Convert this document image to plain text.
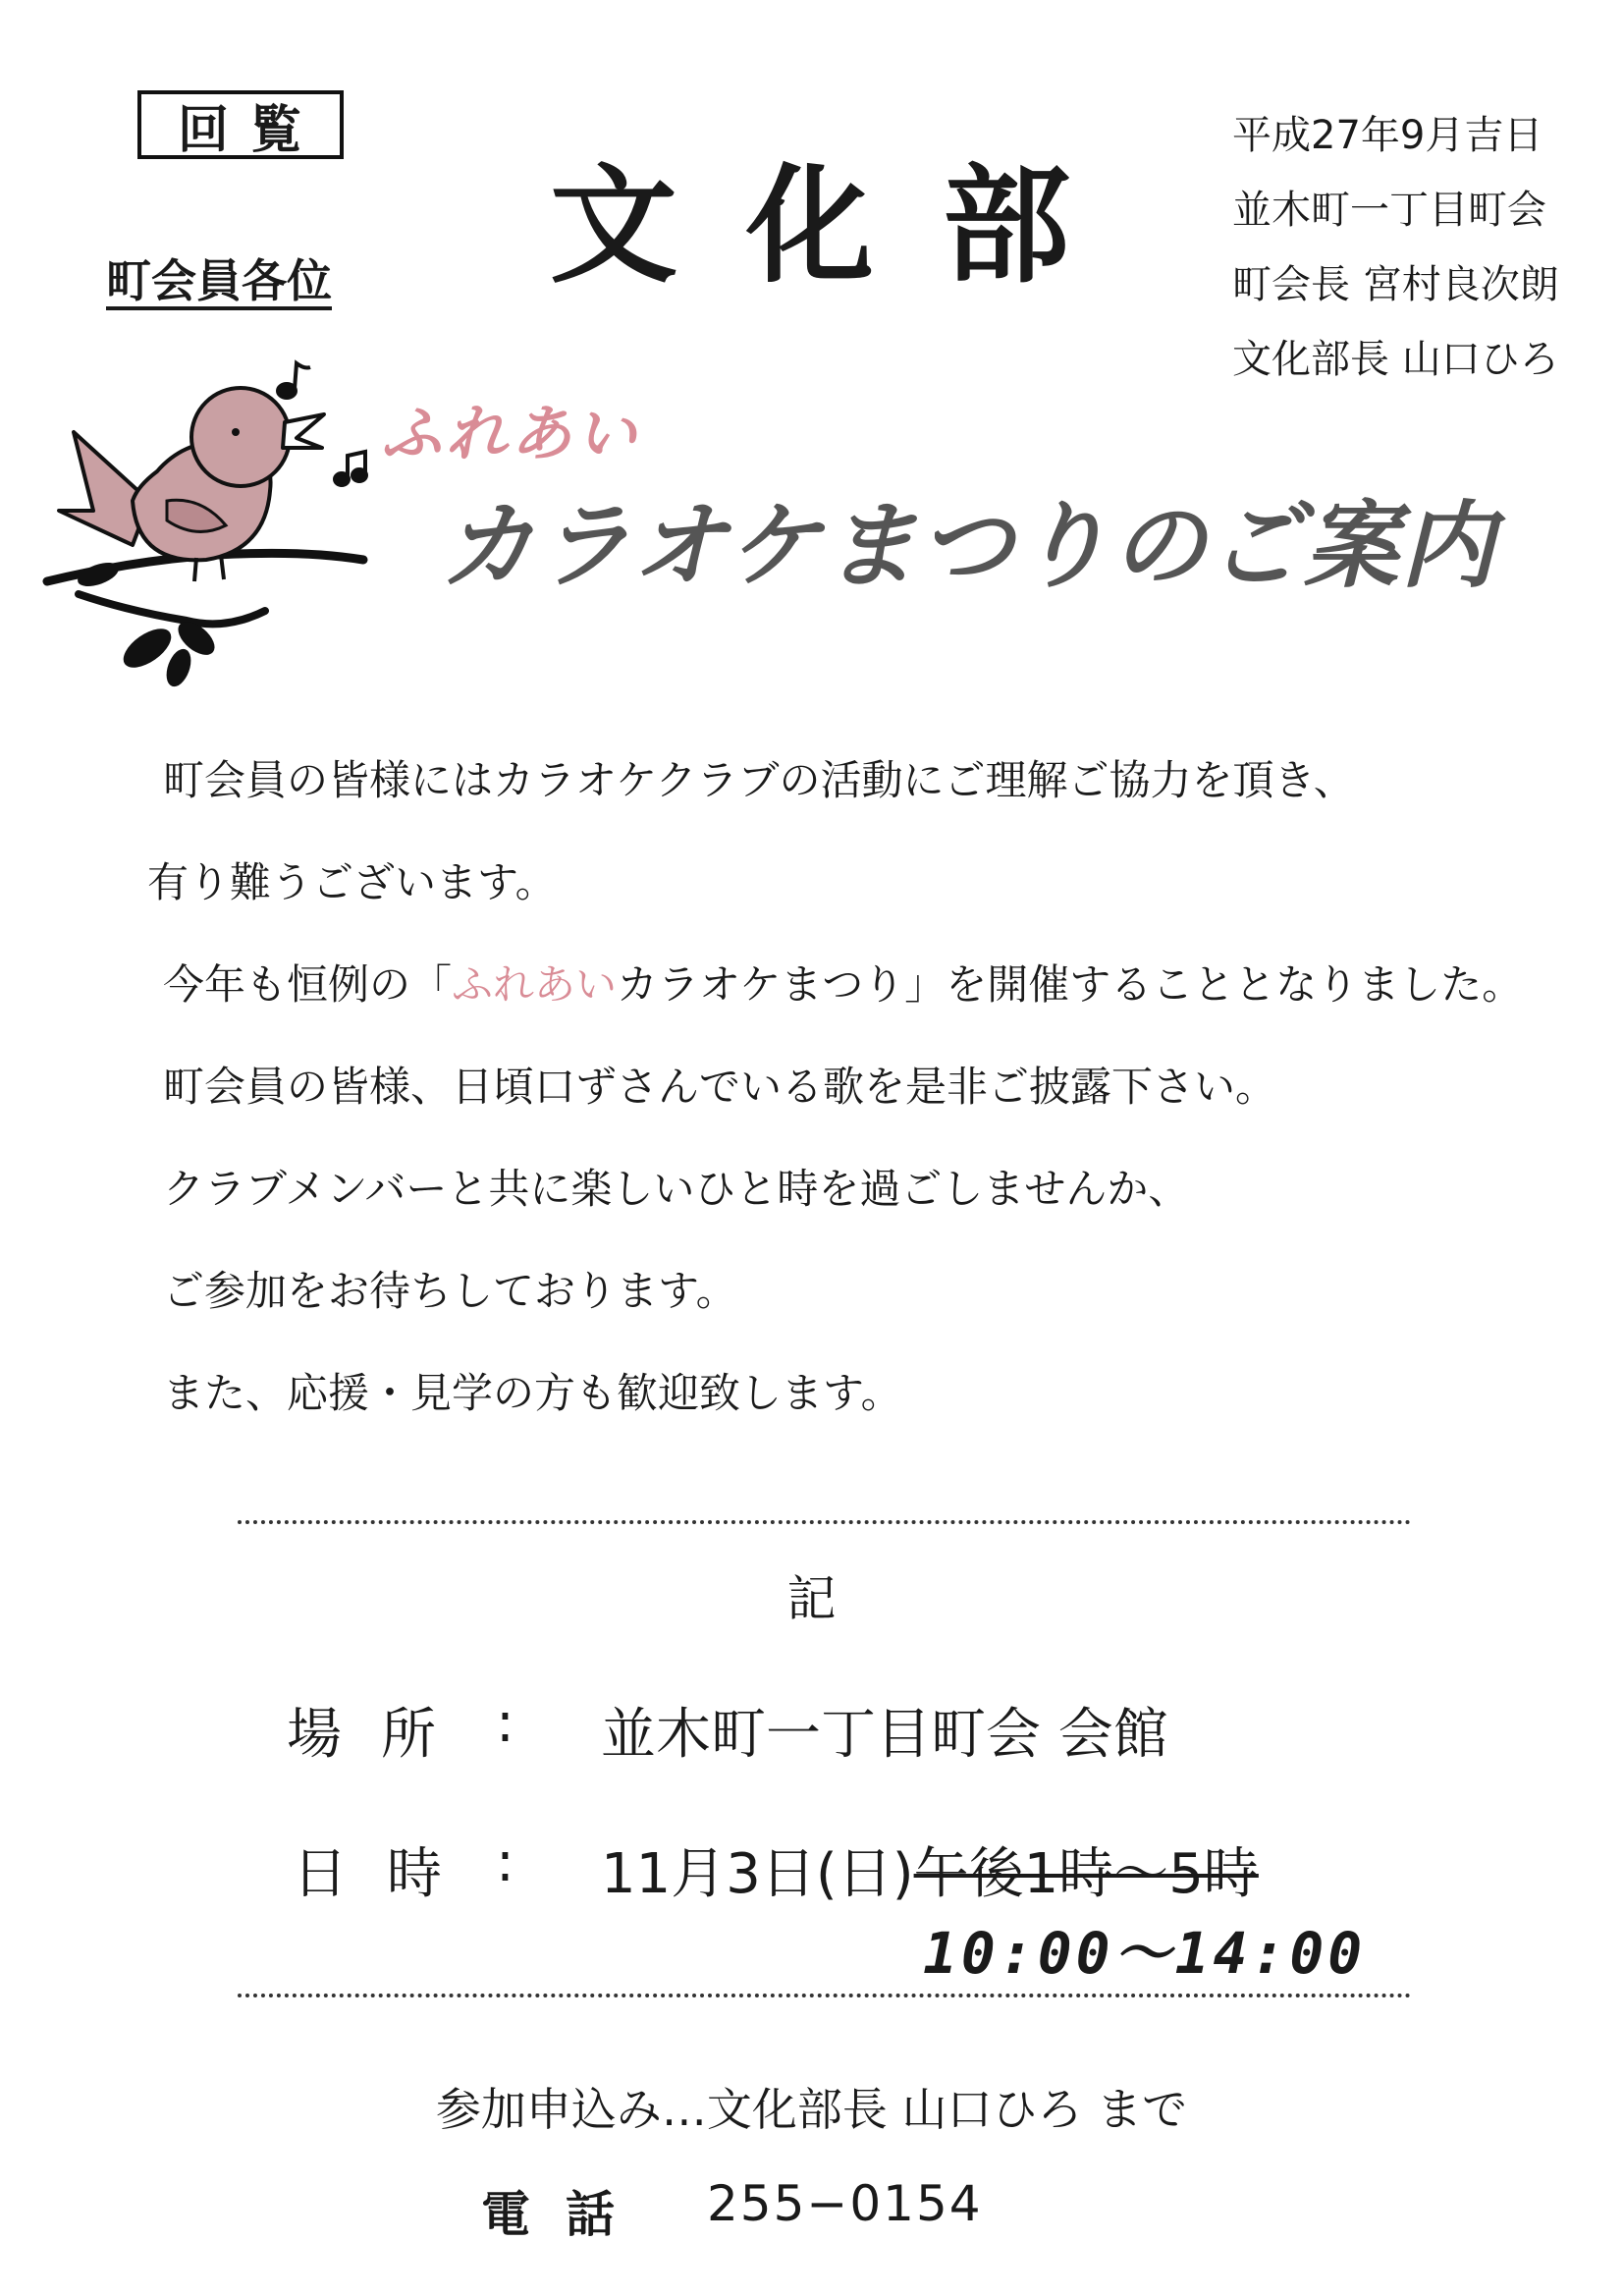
回覧
町会員各位 文化部
平成27年9月吉日
並木町一丁目町会
町会長 宮村良次朗
文化部長 山口ひろ
ふれあい
カラオケまつりのご案内
町会員の皆様にはカラオケクラブの活動にご理解ご協力を頂き、
有り難うございます。
今年も恒例の「ふれあいカラオケまつり」を開催することとなりました。
町会員の皆様、日頃口ずさんでいる歌を是非ご披露下さい。
クラブメンバーと共に楽しいひと時を過ごしませんか、
ご参加をお待ちしております。
また、応援・見学の方も歓迎致します。
記
場所 : 並木町一丁目町会 会館
日時 : 11月3日(日)午後1時〜5時
10:00〜14:00
参加申込み…文化部長 山口ひろ まで
電話 255−0154
